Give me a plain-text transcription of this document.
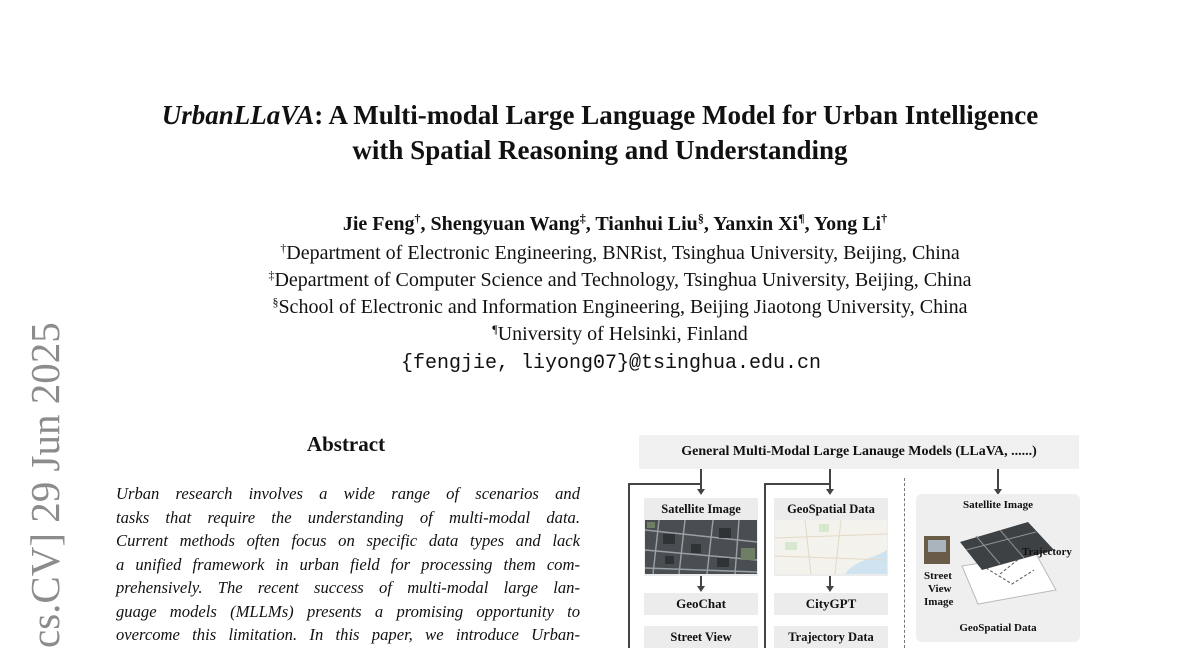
cs.CV] 29 Jun 2025
UrbanLLaVA: A Multi-modal Large Language Model for Urban Intelligence
with Spatial Reasoning and Understanding
Jie Feng†, Shengyuan Wang‡, Tianhui Liu§, Yanxin Xi¶, Yong Li†
†Department of Electronic Engineering, BNRist, Tsinghua University, Beijing, China
‡Department of Computer Science and Technology, Tsinghua University, Beijing, China
§School of Electronic and Information Engineering, Beijing Jiaotong University, China
¶University of Helsinki, Finland
{fengjie, liyong07}@tsinghua.edu.cn
Abstract
Urban research involves a wide range of scenarios and
tasks that require the understanding of multi-modal data.
Current methods often focus on specific data types and lack
a unified framework in urban field for processing them com-
prehensively. The recent success of multi-modal large lan-
guage models (MLLMs) presents a promising opportunity to
overcome this limitation. In this paper, we introduce Urban-
General Multi-Modal Large Lanauge Models (LLaVA, ......)
Satellite Image
GeoChat
Street View
GeoSpatial Data
CityGPT
Trajectory Data
Satellite Image
Trajectory
Street
View
Image
GeoSpatial Data
